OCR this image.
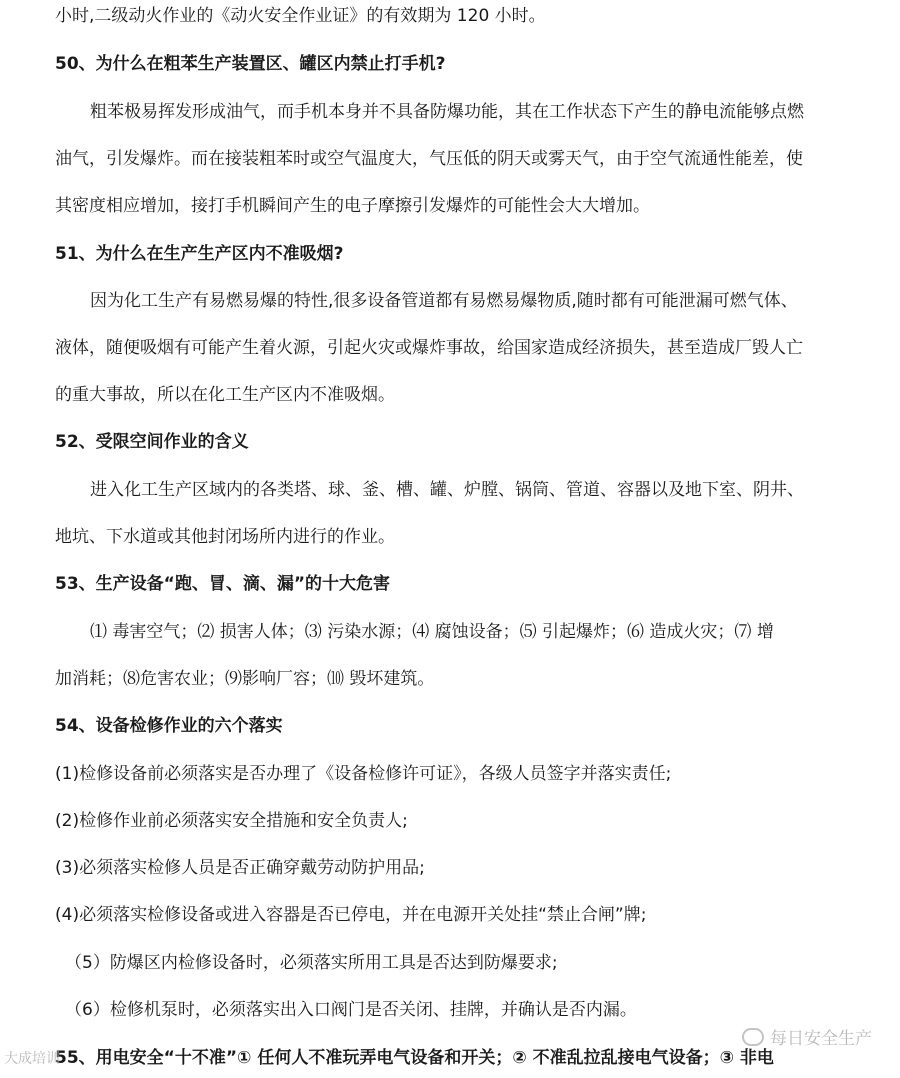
小时,二级动火作业的《动火安全作业证》的有效期为 120 小时。
50、为什么在粗苯生产装置区、罐区内禁止打手机?
粗苯极易挥发形成油气，而手机本身并不具备防爆功能，其在工作状态下产生的静电流能够点燃
油气，引发爆炸。而在接装粗苯时或空气温度大，气压低的阴天或雾天气，由于空气流通性能差，使
其密度相应增加，接打手机瞬间产生的电子摩擦引发爆炸的可能性会大大增加。
51、为什么在生产生产区内不准吸烟?
因为化工生产有易燃易爆的特性,很多设备管道都有易燃易爆物质,随时都有可能泄漏可燃气体、
液体，随便吸烟有可能产生着火源，引起火灾或爆炸事故，给国家造成经济损失，甚至造成厂毁人亡
的重大事故，所以在化工生产区内不准吸烟。
52、受限空间作业的含义
进入化工生产区域内的各类塔、球、釜、槽、罐、炉膛、锅筒、管道、容器以及地下室、阴井、
地坑、下水道或其他封闭场所内进行的作业。
53、生产设备“跑、冒、滴、漏”的十大危害
⑴ 毒害空气；⑵ 损害人体；⑶ 污染水源；⑷ 腐蚀设备；⑸ 引起爆炸；⑹ 造成火灾；⑺ 增
加消耗；⑻危害农业；⑼影响厂容；⑽ 毁坏建筑。
54、设备检修作业的六个落实
(1)检修设备前必须落实是否办理了《设备检修许可证》，各级人员签字并落实责任;
(2)检修作业前必须落实安全措施和安全负责人;
(3)必须落实检修人员是否正确穿戴劳动防护用品;
(4)必须落实检修设备或进入容器是否已停电，并在电源开关处挂“禁止合闸”牌;
（5）防爆区内检修设备时，必须落实所用工具是否达到防爆要求;
（6）检修机泵时，必须落实出入口阀门是否关闭、挂牌，并确认是否内漏。
55、用电安全“十不准”① 任何人不准玩弄电气设备和开关；② 不准乱拉乱接电气设备；③ 非电
每日安全生产
大成培训
